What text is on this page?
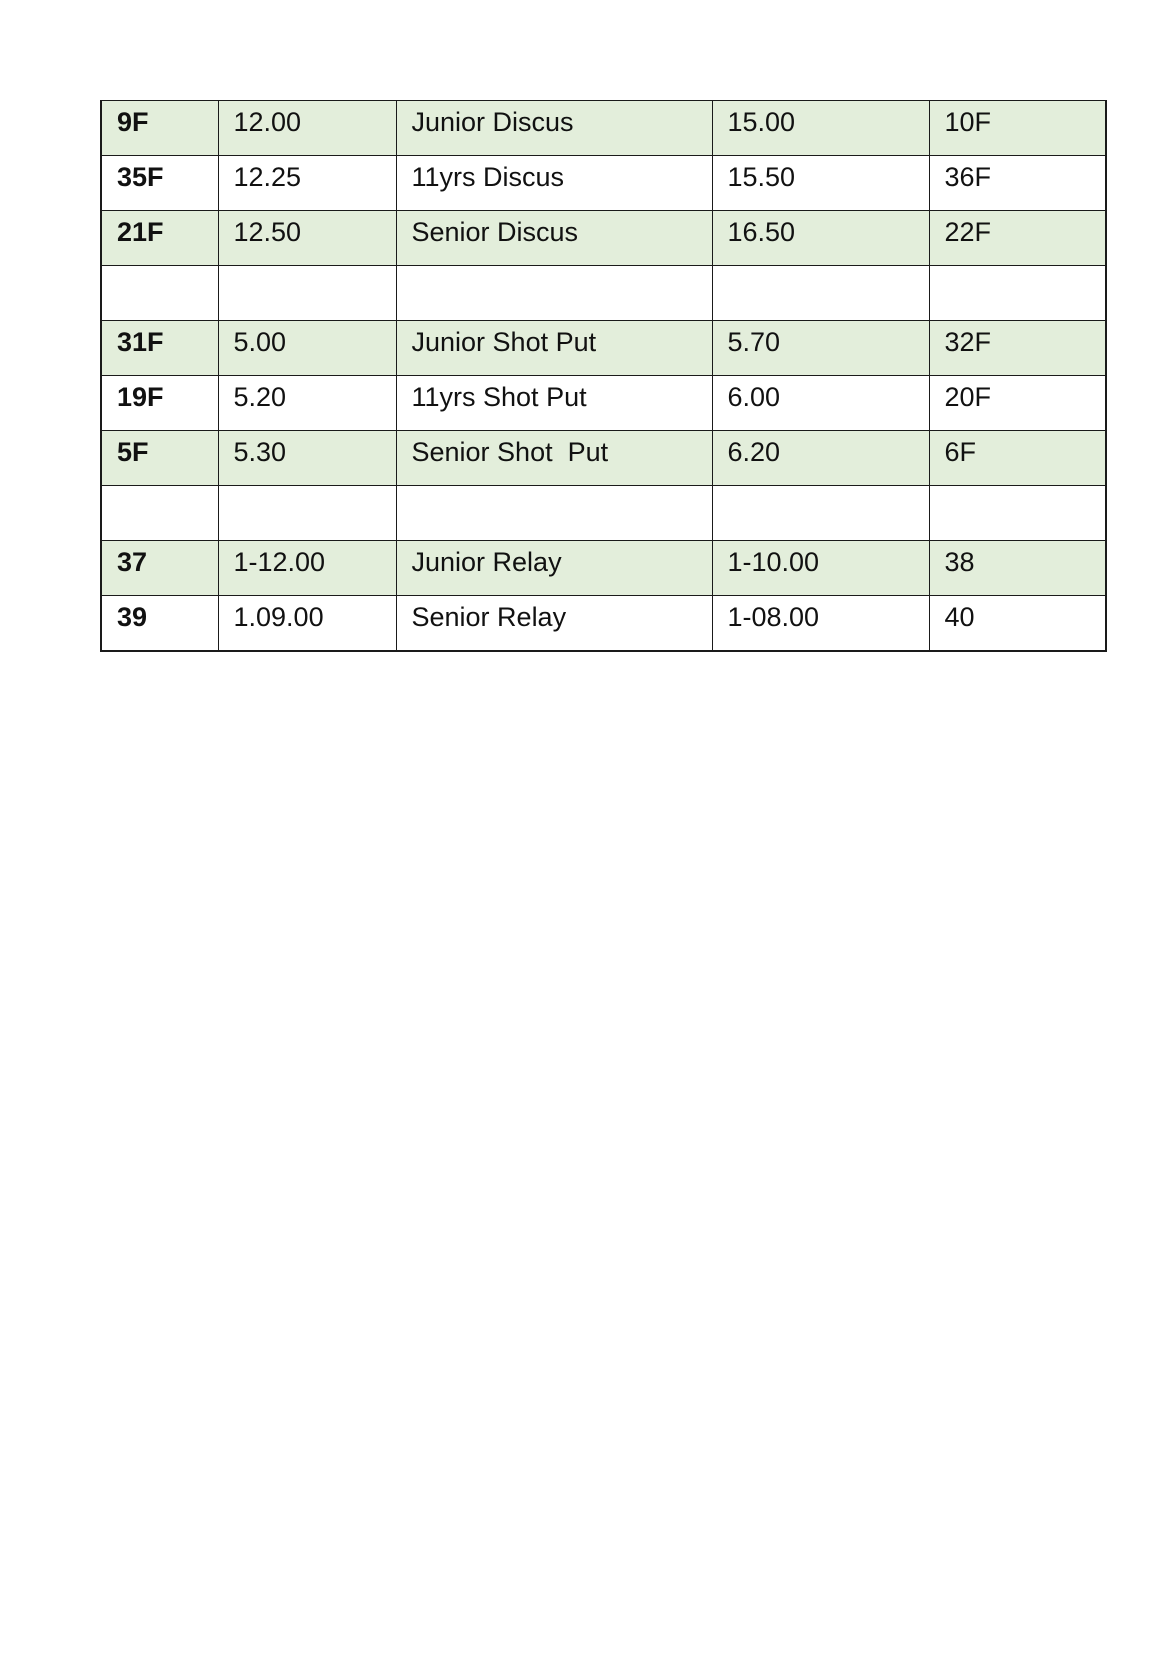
9F	12.00	Junior Discus	15.00	10F
35F	12.25	11yrs Discus	15.50	36F
21F	12.50	Senior Discus	16.50	22F

31F	5.00	Junior Shot Put	5.70	32F
19F	5.20	11yrs Shot Put	6.00	20F
5F	5.30	Senior Shot  Put	6.20	6F

37	1-12.00	Junior Relay	1-10.00	38
39	1.09.00	Senior Relay	1-08.00	40
